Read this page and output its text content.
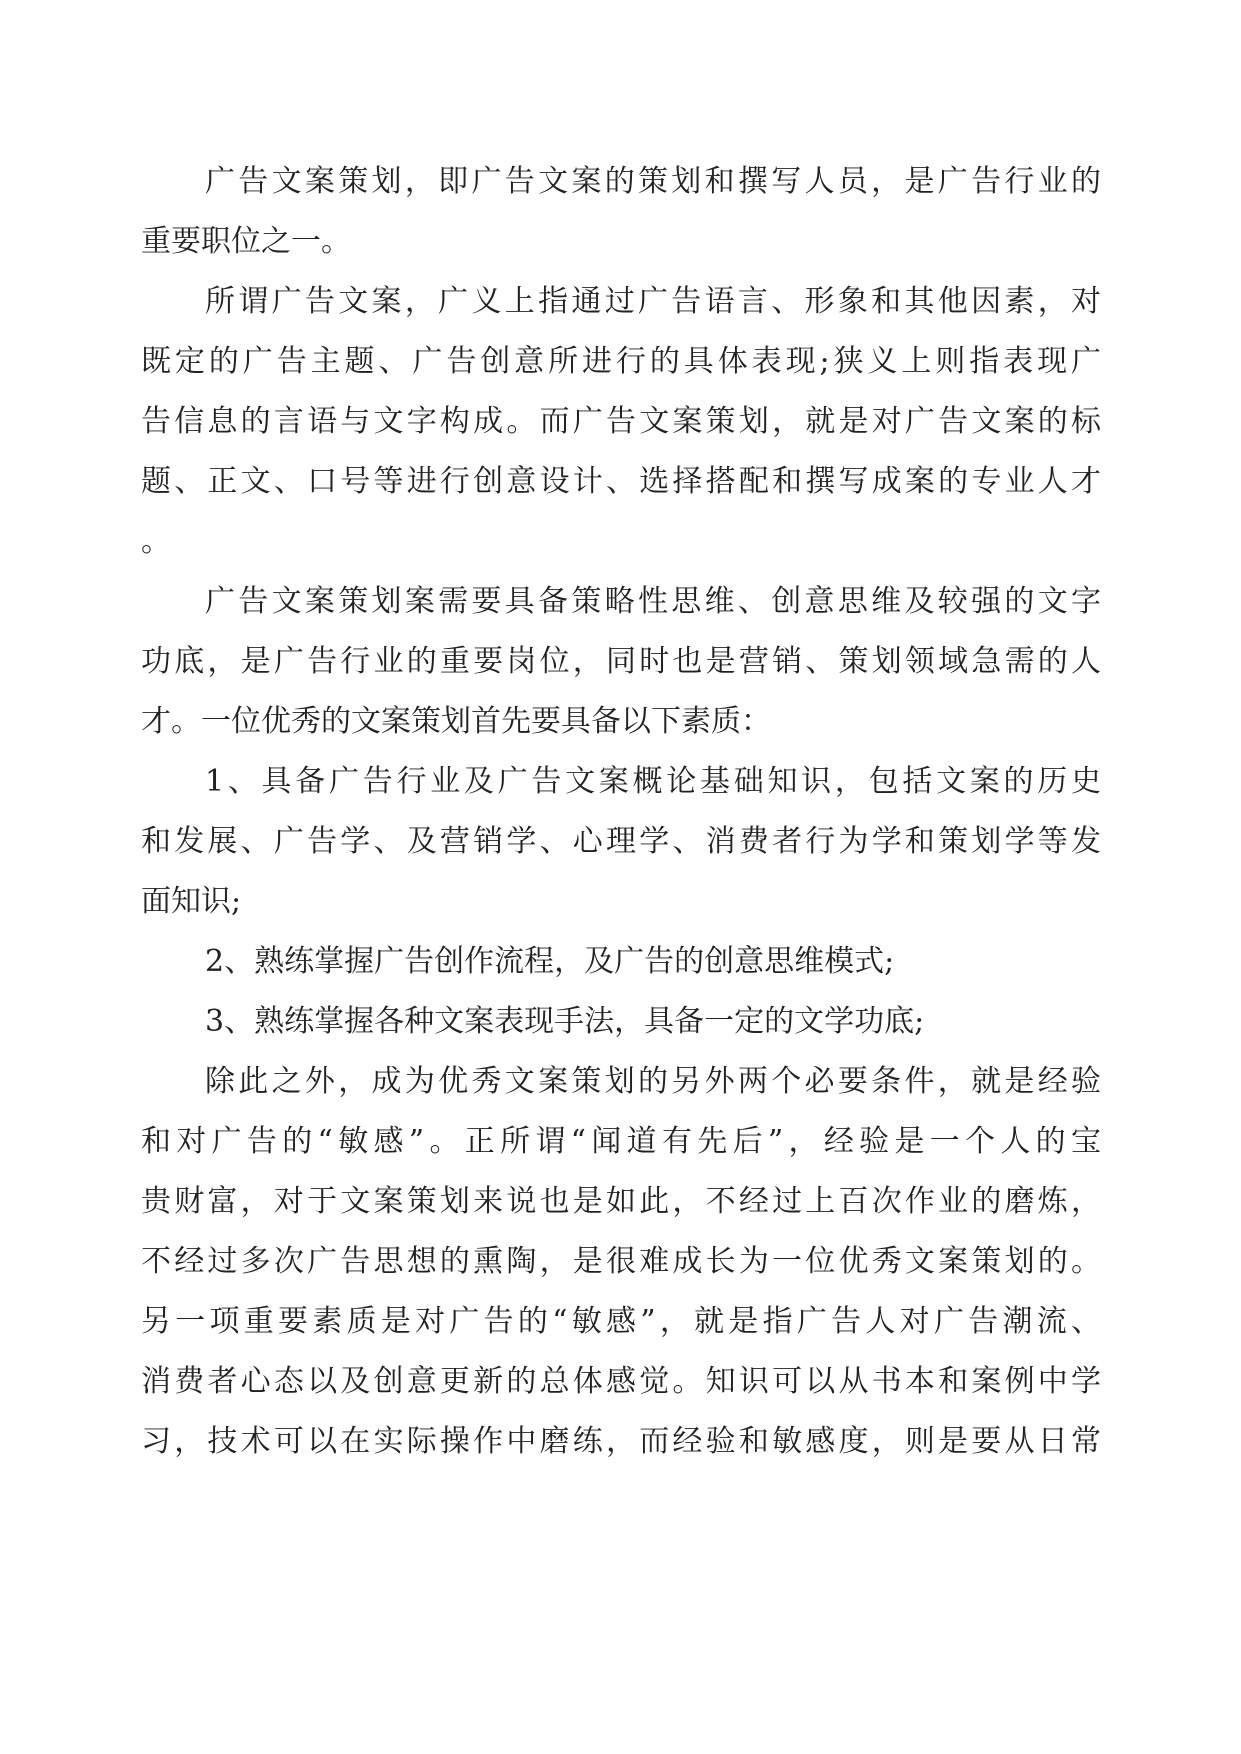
广告文案策划，即广告文案的策划和撰写人员，是广告行业的
重要职位之一。
所谓广告文案，广义上指通过广告语言、形象和其他因素，对
既定的广告主题、广告创意所进行的具体表现;狭义上则指表现广
告信息的言语与文字构成。而广告文案策划，就是对广告文案的标
题、正文、口号等进行创意设计、选择搭配和撰写成案的专业人才
。
广告文案策划案需要具备策略性思维、创意思维及较强的文字
功底，是广告行业的重要岗位，同时也是营销、策划领域急需的人
才。一位优秀的文案策划首先要具备以下素质：
1、具备广告行业及广告文案概论基础知识，包括文案的历史
和发展、广告学、及营销学、心理学、消费者行为学和策划学等发
面知识;
2、熟练掌握广告创作流程，及广告的创意思维模式;
3、熟练掌握各种文案表现手法，具备一定的文学功底;
除此之外，成为优秀文案策划的另外两个必要条件，就是经验
和对广告的“敏感”。正所谓“闻道有先后”，经验是一个人的宝
贵财富，对于文案策划来说也是如此，不经过上百次作业的磨炼，
不经过多次广告思想的熏陶，是很难成长为一位优秀文案策划的。
另一项重要素质是对广告的“敏感”，就是指广告人对广告潮流、
消费者心态以及创意更新的总体感觉。知识可以从书本和案例中学
习，技术可以在实际操作中磨练，而经验和敏感度，则是要从日常
